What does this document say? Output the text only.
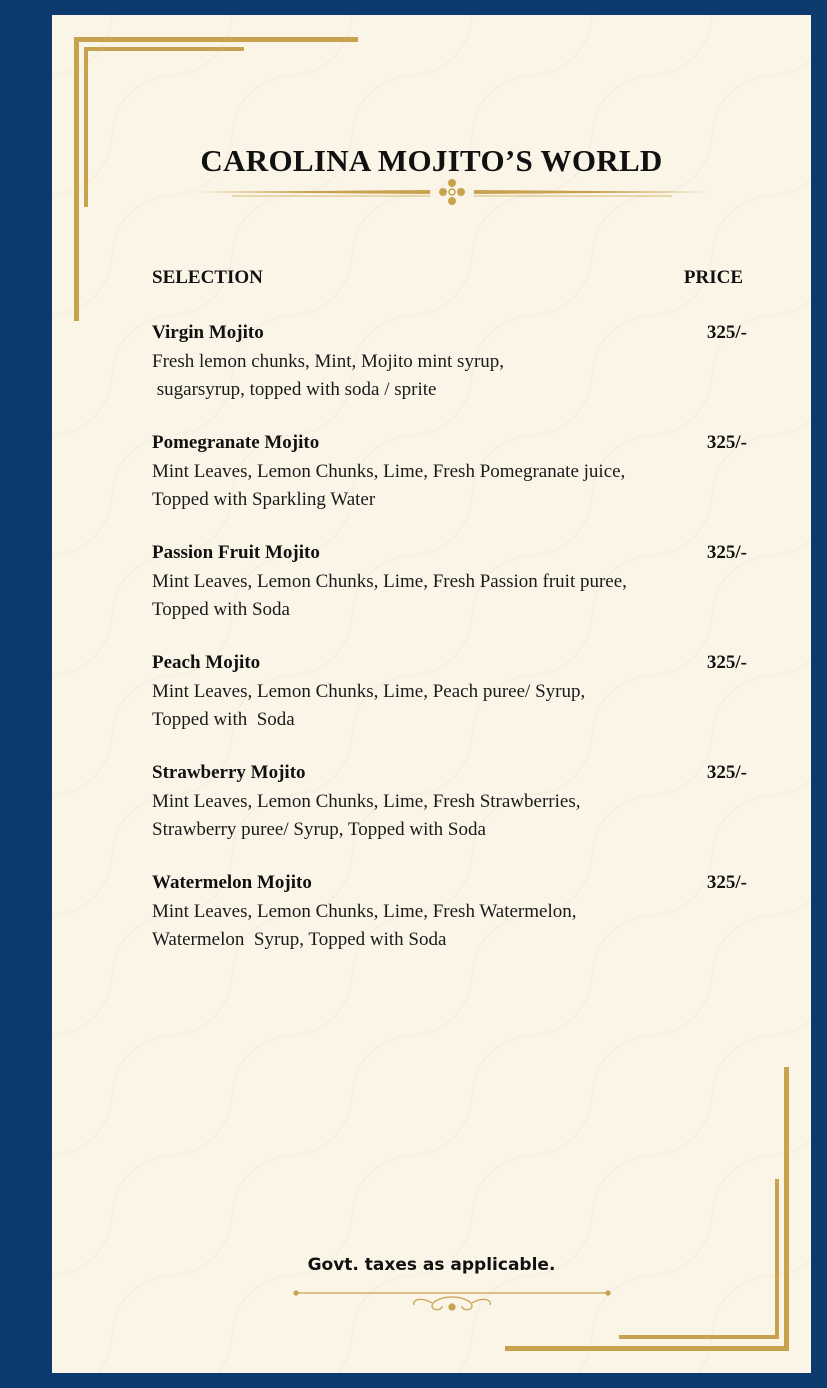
CAROLINA MOJITO’S WORLD
SELECTION	PRICE
Virgin Mojito	325/-
Fresh lemon chunks, Mint, Mojito mint syrup,
sugarsyrup, topped with soda / sprite
Pomegranate Mojito	325/-
Mint Leaves, Lemon Chunks, Lime, Fresh Pomegranate juice,
Topped with Sparkling Water
Passion Fruit Mojito	325/-
Mint Leaves, Lemon Chunks, Lime, Fresh Passion fruit puree,
Topped with Soda
Peach Mojito	325/-
Mint Leaves, Lemon Chunks, Lime, Peach puree/ Syrup,
Topped with  Soda
Strawberry Mojito	325/-
Mint Leaves, Lemon Chunks, Lime, Fresh Strawberries,
Strawberry puree/ Syrup, Topped with Soda
Watermelon Mojito	325/-
Mint Leaves, Lemon Chunks, Lime, Fresh Watermelon,
Watermelon  Syrup, Topped with Soda
Govt. taxes as applicable.
